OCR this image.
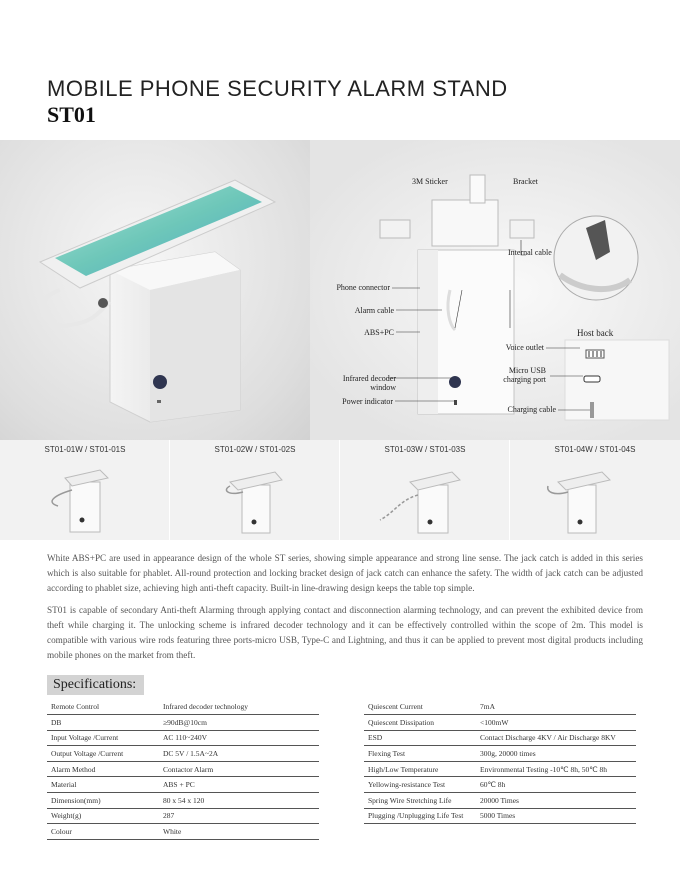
MOBILE PHONE SECURITY ALARM STAND
ST01
3M Sticker	Bracket
Internal cable
Phone connector
Alarm cable
ABS+PC	Host back
Voice outlet
Micro USB
charging port
Infrared decoder
window
Power indicator
Charging cable
ST01-01W / ST01-01S	ST01-02W / ST01-02S	ST01-03W / ST01-03S	ST01-04W / ST01-04S

White ABS+PC are used in appearance design of the whole ST series, showing simple appearance and strong line sense. The jack catch is added in this series which is also suitable for phablet. All-round protection and locking bracket design of jack catch can enhance the safety. The width of jack catch can be adjusted according to phablet size, achieving high anti-theft capacity. Built-in line-drawing design keeps the table top simple.

ST01 is capable of secondary Anti-theft Alarming through applying contact and disconnection alarming technology, and can prevent the exhibited device from theft while charging it. The unlocking scheme is infrared decoder technology and it can be effectively controlled within the scope of 2m. This model is compatible with various wire rods featuring three ports-micro USB, Type-C and Lightning, and thus it can be applied to prevent most digital products including mobile phones on the market from theft.

Specifications:
Remote Control	Infrared decoder technology
DB	≥90dB@10cm
Input Voltage /Current	AC 110~240V
Output Voltage /Current	DC 5V / 1.5A~2A
Alarm Method	Contactor Alarm
Material	ABS + PC
Dimension(mm)	80 x 54 x 120
Weight(g)	287
Colour	White
Quiescent Current	7mA
Quiescent Dissipation	<100mW
ESD	Contact Discharge 4KV / Air Discharge 8KV
Flexing Test	300g, 20000 times
High/Low Temperature	Environmental Testing -10℃ 8h, 50℃ 8h
Yellowing-resistance Test	60℃ 8h
Spring Wire Stretching Life	20000 Times
Plugging /Unplugging Life Test	5000 Times
